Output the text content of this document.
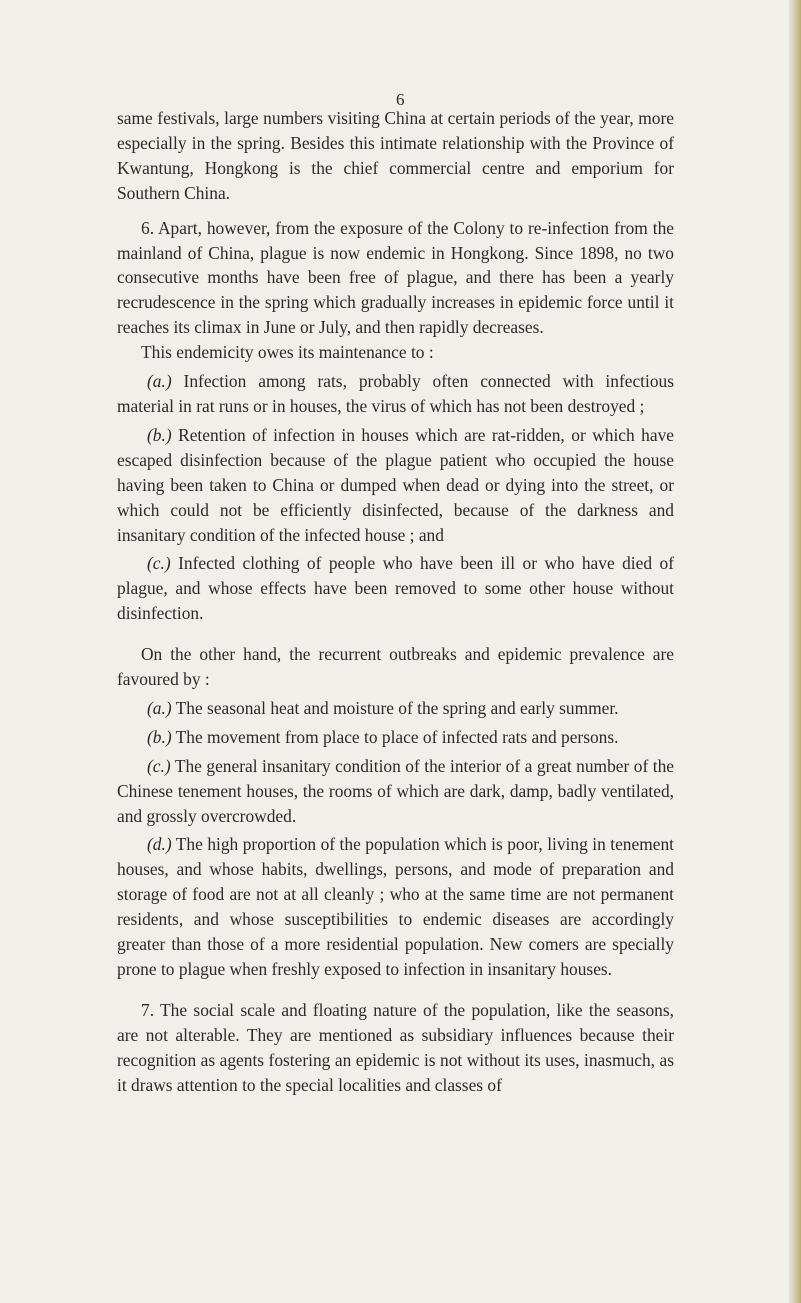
6

same festivals, large numbers visiting China at certain periods of the year, more especially in the spring. Besides this intimate relationship with the Province of Kwantung, Hongkong is the chief commercial centre and emporium for Southern China.

6. Apart, however, from the exposure of the Colony to re-infection from the mainland of China, plague is now endemic in Hongkong. Since 1898, no two consecutive months have been free of plague, and there has been a yearly recrudescence in the spring which gradually increases in epidemic force until it reaches its climax in June or July, and then rapidly decreases.

This endemicity owes its maintenance to :

(a.) Infection among rats, probably often connected with infectious material in rat runs or in houses, the virus of which has not been destroyed ;

(b.) Retention of infection in houses which are rat-ridden, or which have escaped disinfection because of the plague patient who occupied the house having been taken to China or dumped when dead or dying into the street, or which could not be efficiently disinfected, because of the darkness and insanitary condition of the infected house ; and

(c.) Infected clothing of people who have been ill or who have died of plague, and whose effects have been removed to some other house without disinfection.

On the other hand, the recurrent outbreaks and epidemic prevalence are favoured by :

(a.) The seasonal heat and moisture of the spring and early summer.

(b.) The movement from place to place of infected rats and persons.

(c.) The general insanitary condition of the interior of a great number of the Chinese tenement houses, the rooms of which are dark, damp, badly ventilated, and grossly overcrowded.

(d.) The high proportion of the population which is poor, living in tenement houses, and whose habits, dwellings, persons, and mode of preparation and storage of food are not at all cleanly ; who at the same time are not permanent residents, and whose susceptibilities to endemic diseases are accordingly greater than those of a more residential population. New comers are specially prone to plague when freshly exposed to infection in insanitary houses.

7. The social scale and floating nature of the population, like the seasons, are not alterable. They are mentioned as subsidiary influences because their recognition as agents fostering an epidemic is not without its uses, inasmuch, as it draws attention to the special localities and classes of
